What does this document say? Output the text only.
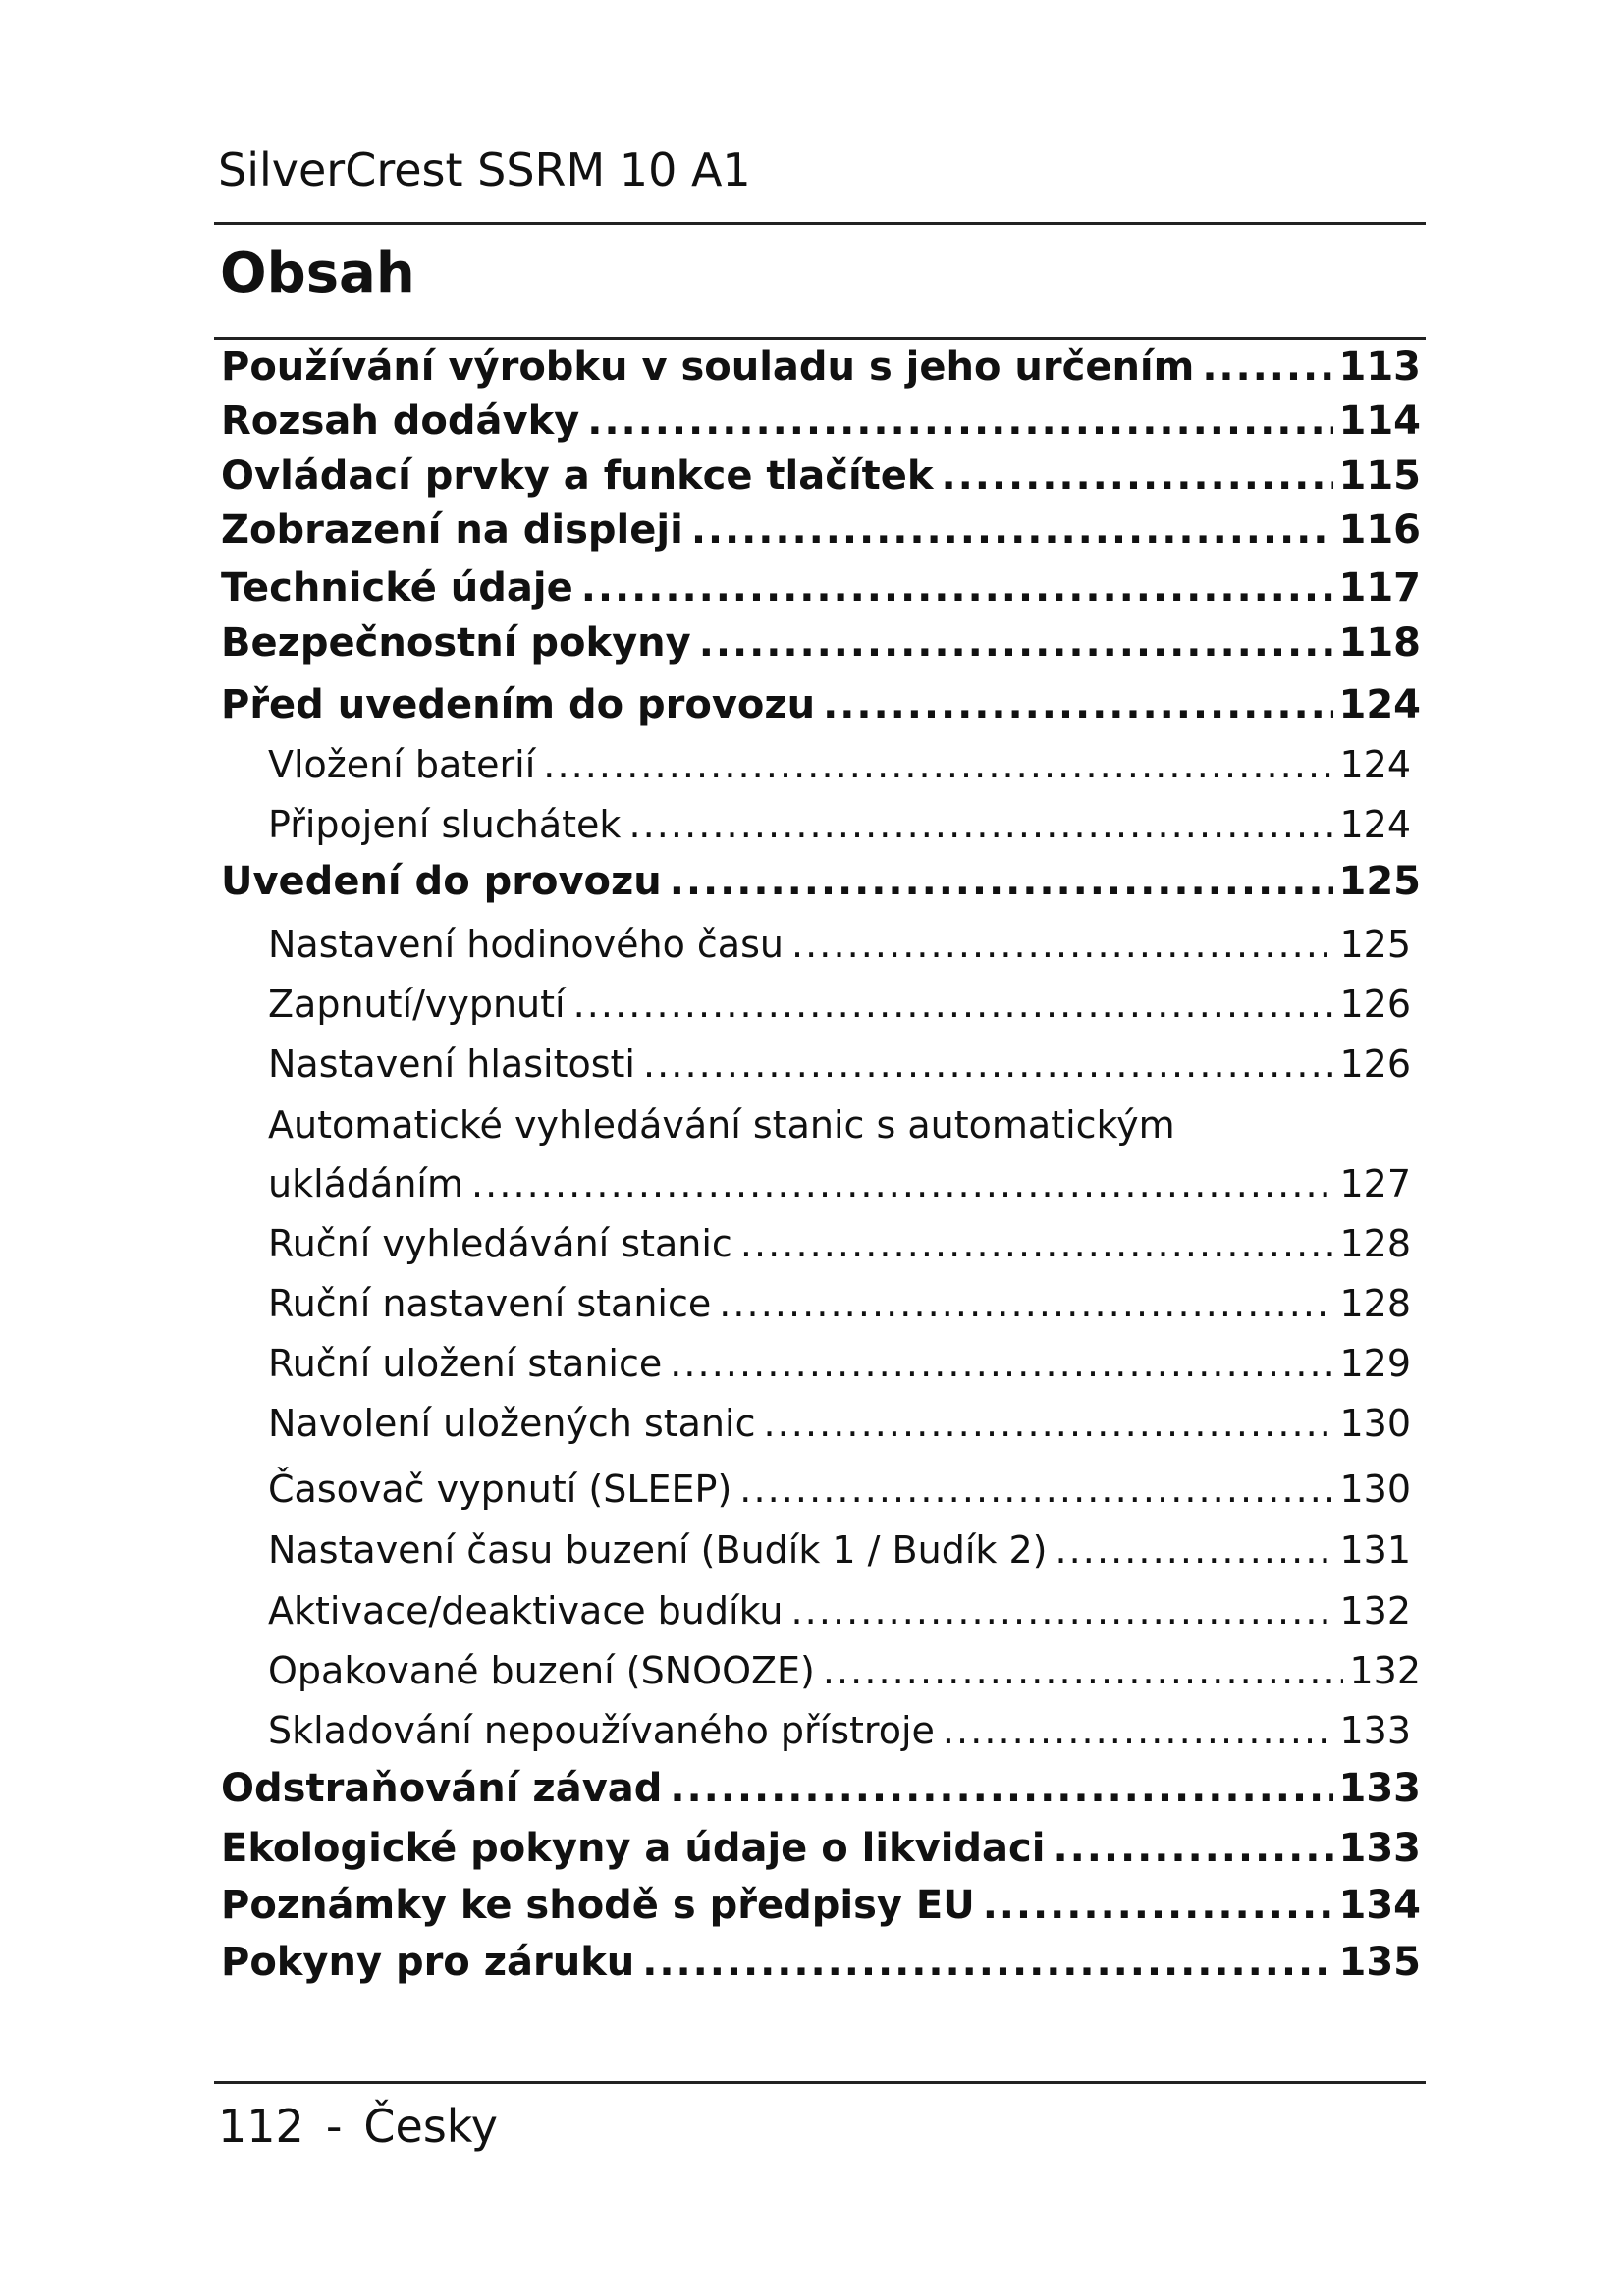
SilverCrest SSRM 10 A1
Obsah
Používání výrobku v souladu s jeho určením . . .	113
Rozsah dodávky . . .	114
Ovládací prvky a funkce tlačítek . . .	115
Zobrazení na displeji . . .	116
Technické údaje . . .	117
Bezpečnostní pokyny . . .	118
Před uvedením do provozu . . .	124
Vložení baterií . . .	124
Připojení sluchátek . . .	124
Uvedení do provozu . . .	125
Nastavení hodinového času . . .	125
Zapnutí/vypnutí . . .	126
Nastavení hlasitosti . . .	126
Automatické vyhledávání stanic s automatickým
ukládáním . . .	127
Ruční vyhledávání stanic . . .	128
Ruční nastavení stanice . . .	128
Ruční uložení stanice . . .	129
Navolení uložených stanic . . .	130
Časovač vypnutí (SLEEP) . . .	130
Nastavení času buzení (Budík 1 / Budík 2) . . .	131
Aktivace/deaktivace budíku . . .	132
Opakované buzení (SNOOZE) . . .	132
Skladování nepoužívaného přístroje . . .	133
Odstraňování závad . . .	133
Ekologické pokyny a údaje o likvidaci . . .	133
Poznámky ke shodě s předpisy EU . . .	134
Pokyny pro záruku . . .	135
112 - Česky
